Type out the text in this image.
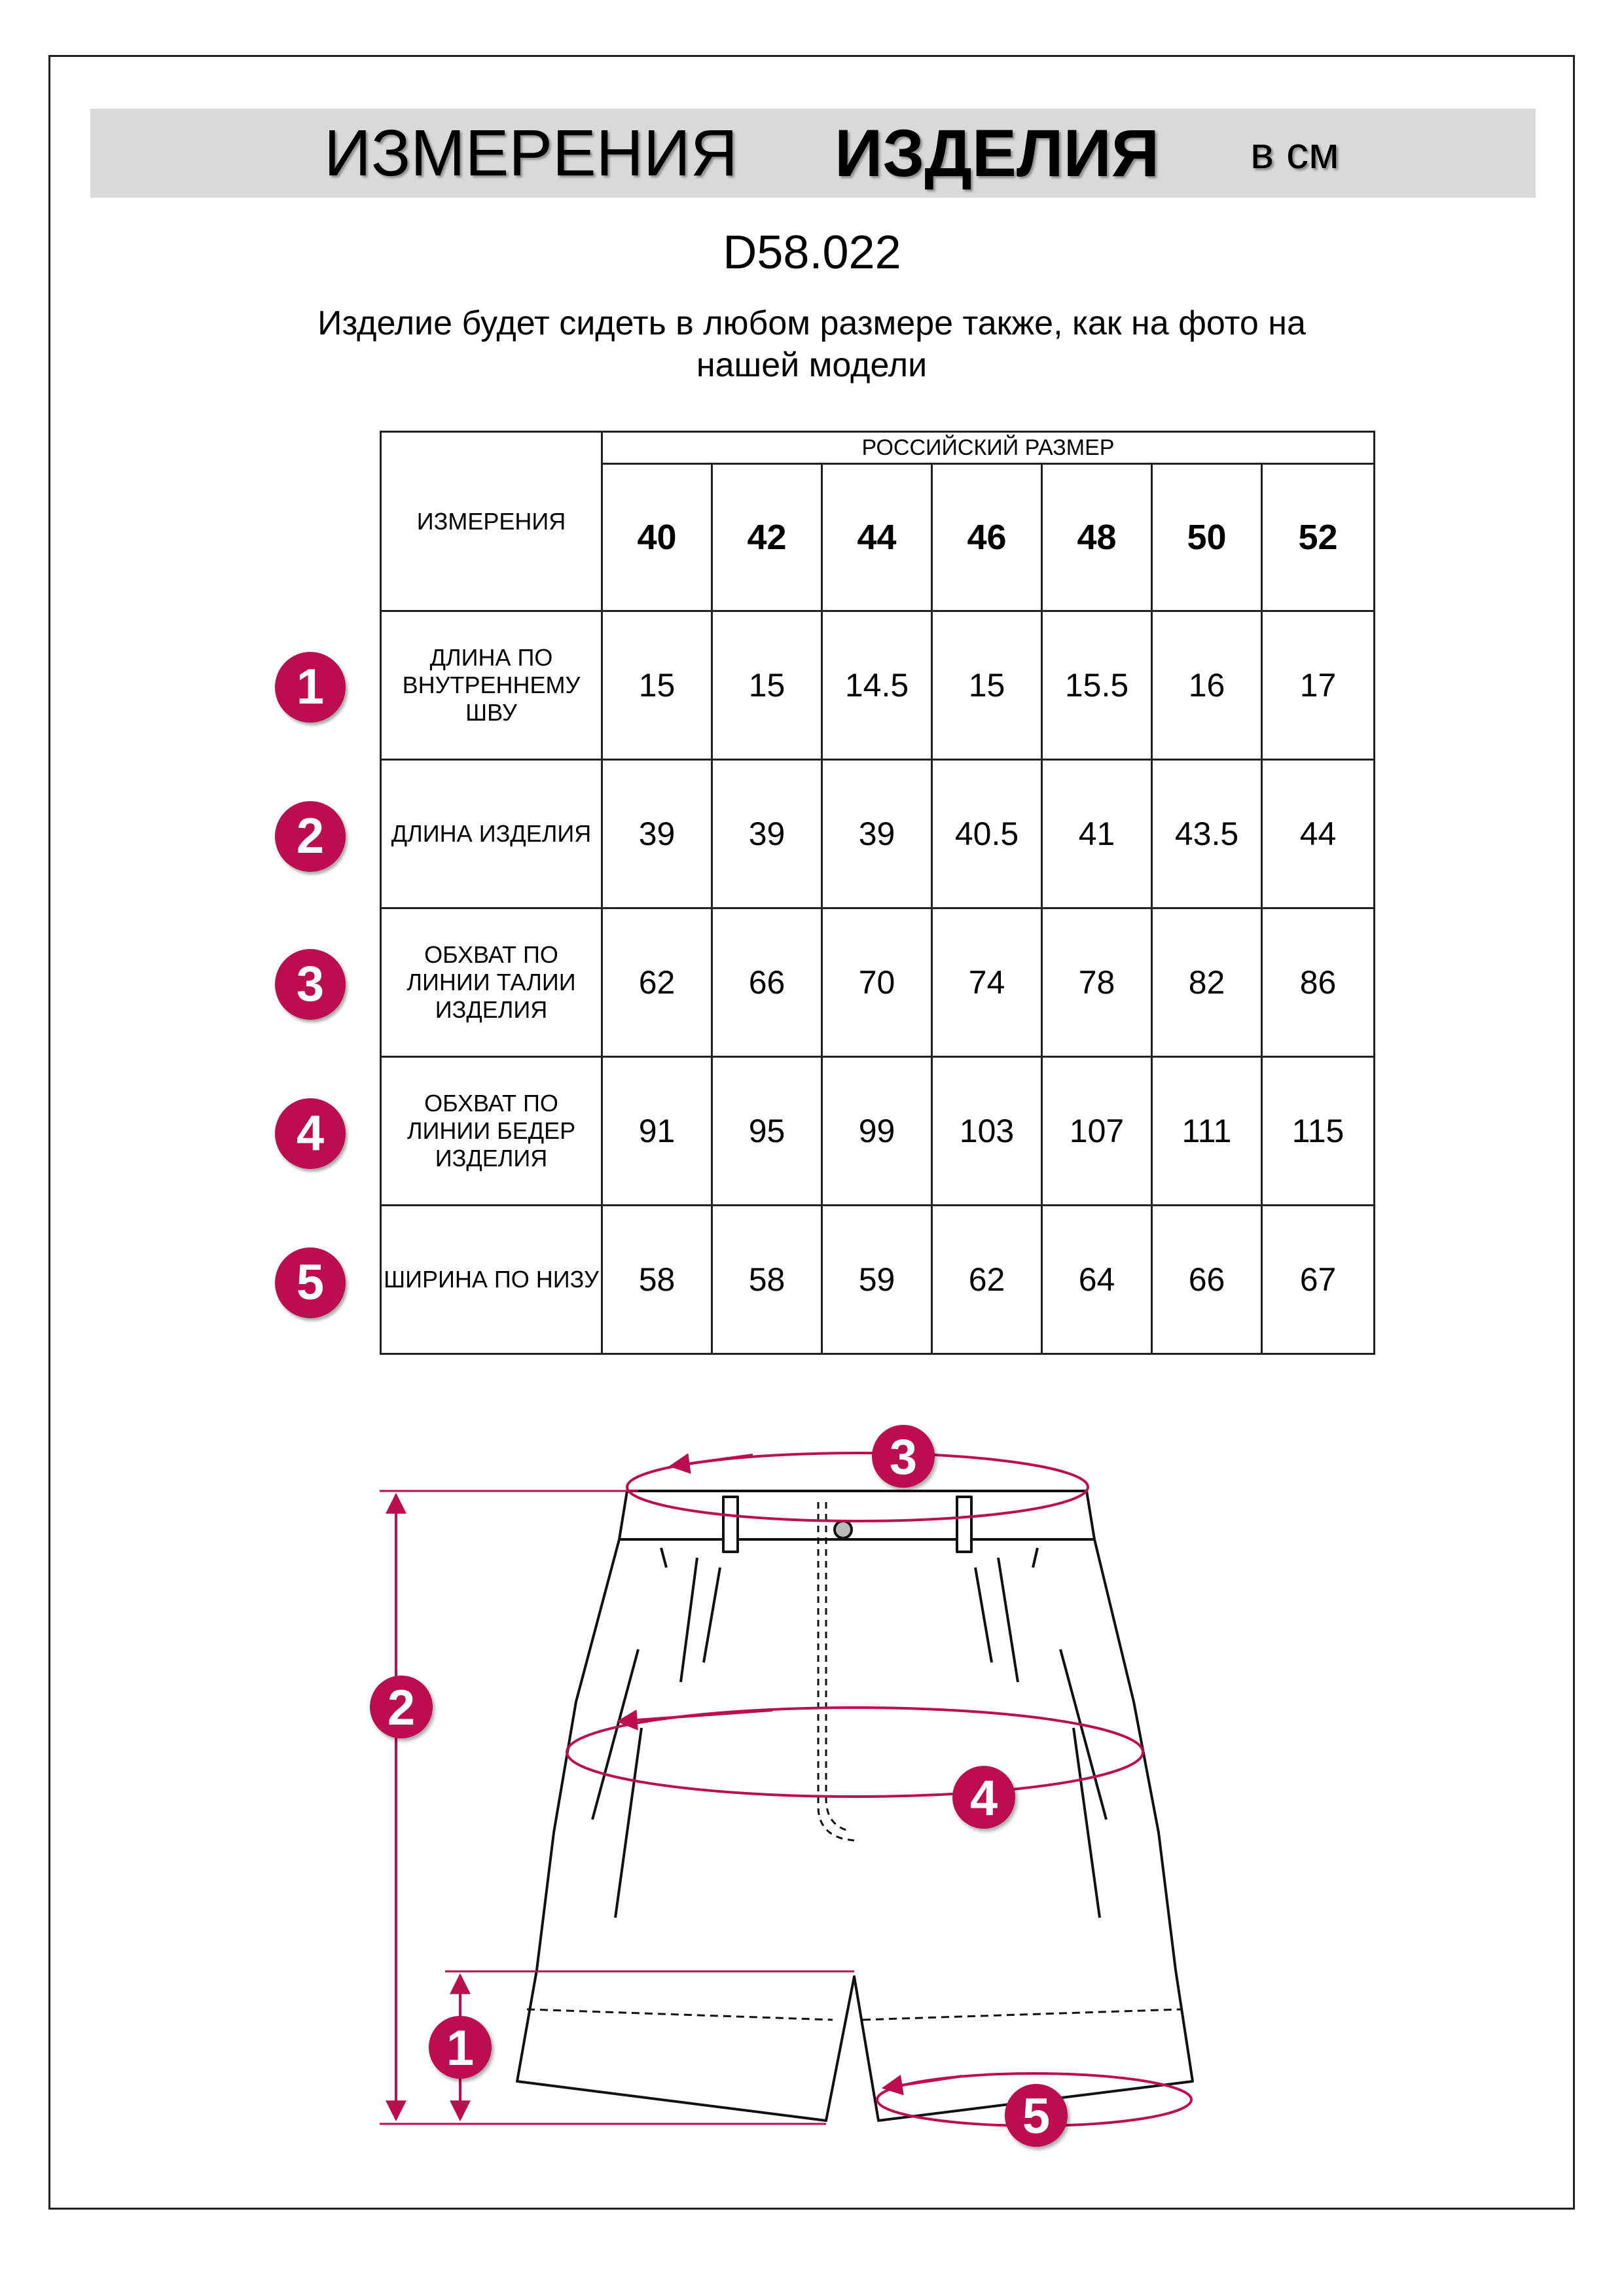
ИЗМЕРЕНИЯ ИЗДЕЛИЯ в см
D58.022
Изделие будет сидеть в любом размере также, как на фото на нашей модели
ИЗМЕРЕНИЯ	РОССИЙСКИЙ РАЗМЕР						
	40	42	44	46	48	50	52
ДЛИНА ПО ВНУТРЕННЕМУ ШВУ	15	15	14.5	15	15.5	16	17
ДЛИНА ИЗДЕЛИЯ	39	39	39	40.5	41	43.5	44
ОБХВАТ ПО ЛИНИИ ТАЛИИ ИЗДЕЛИЯ	62	66	70	74	78	82	86
ОБХВАТ ПО ЛИНИИ БЕДЕР ИЗДЕЛИЯ	91	95	99	103	107	111	115
ШИРИНА ПО НИЗУ	58	58	59	62	64	66	67
1
2
3
4
5
3
2
4
1
5
